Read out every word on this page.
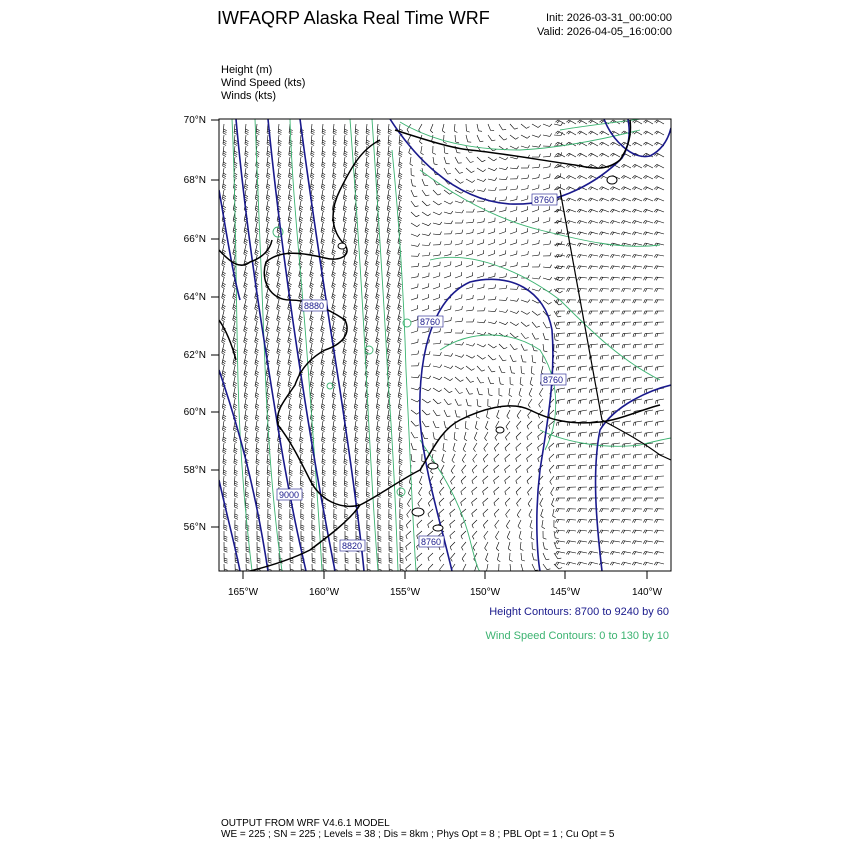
IWFAQRP Alaska Real Time WRF	Init: 2026-03-31_00:00:00
Valid: 2026-04-05_16:00:00
Height (m)
Wind Speed (kts)
Winds (kts)
8760
8760
8760
8880
9000
8760
8820
70°N
68°N
66°N
64°N
62°N
60°N
58°N
56°N
165°W	160°W	155°W	150°W	145°W	140°W
Height Contours: 8700 to 9240 by 60
Wind Speed Contours: 0 to 130 by 10
OUTPUT FROM WRF V4.6.1 MODEL
WE = 225 ; SN = 225 ; Levels = 38 ; Dis = 8km ; Phys Opt = 8 ; PBL Opt = 1 ; Cu Opt = 5
